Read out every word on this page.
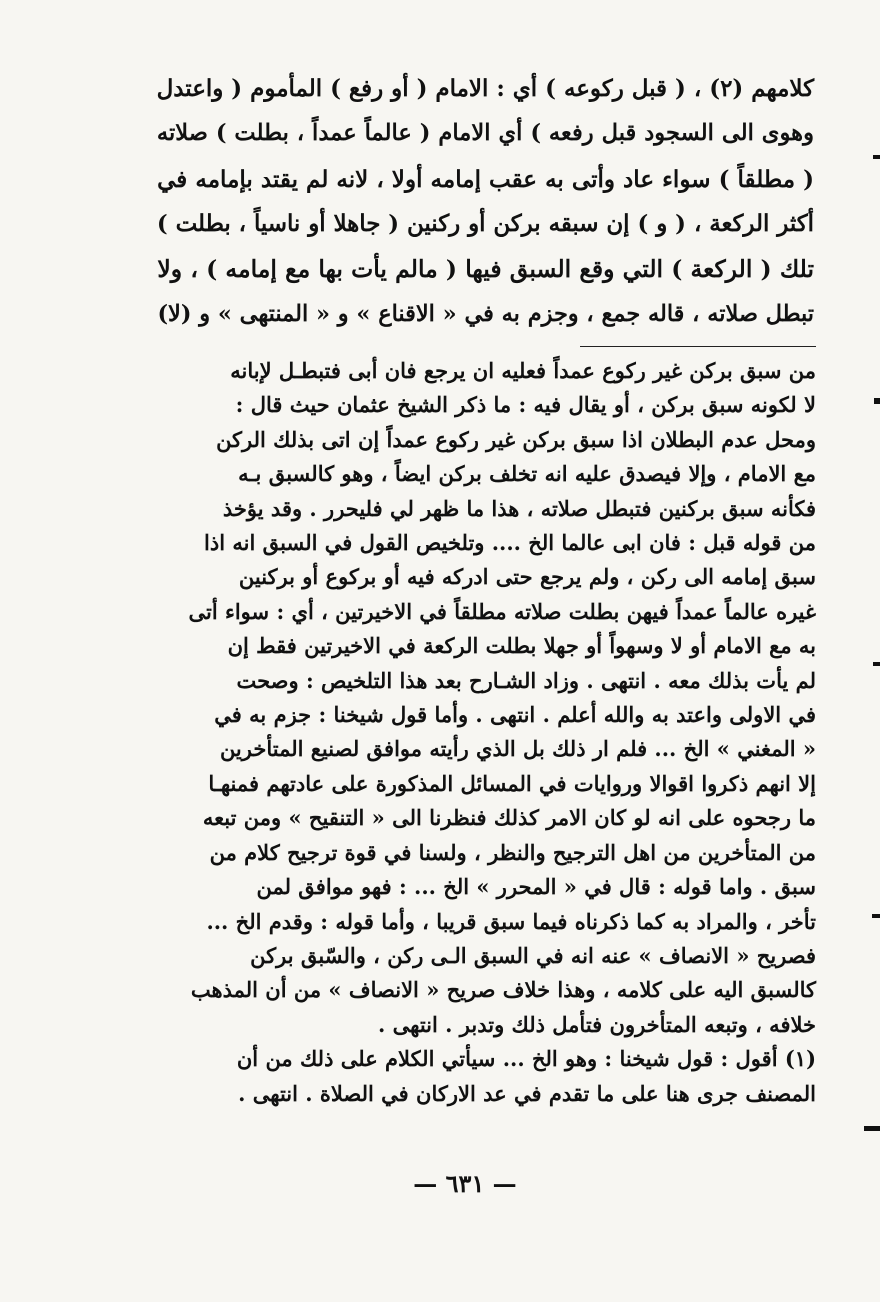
كلامهم (٢) ، ( قبل ركوعه ) أي : الامام ( أو رفع ) المأموم ( واعتدل
وهوى الى السجود قبل رفعه ) أي الامام ( عالماً عمداً ، بطلت ) صلاته
( مطلقاً ) سواء عاد وأتى به عقب إمامه أولا ، لانه لم يقتد بإمامه في
أكثر الركعة ، ( و ) إن سبقه بركن أو ركنين ( جاهلا أو ناسياً ، بطلت )
تلك ( الركعة ) التي وقع السبق فيها ( مالم يأت بها مع إمامه ) ، ولا
تبطل صلاته ، قاله جمع ، وجزم به في « الاقناع » و « المنتهى » و (لا)
من سبق بركن غير ركوع عمداً فعليه ان يرجع فان أبى فتبطـل لإبانه
لا لكونه سبق بركن ، أو يقال فيه : ما ذكر الشيخ عثمان حيث قال :
ومحل عدم البطلان اذا سبق بركن غير ركوع عمداً إن اتى بذلك الركن
مع الامام ، وإلا فيصدق عليه انه تخلف بركن ايضاً ، وهو كالسبق بـه
فكأنه سبق بركنين فتبطل صلاته ، هذا ما ظهر لي فليحرر . وقد يؤخذ
من قوله قبل : فان ابى عالما الخ .... وتلخيص القول في السبق انه اذا
سبق إمامه الى ركن ، ولم يرجع حتى ادركه فيه أو بركوع أو بركنين
غيره عالماً عمداً فيهن بطلت صلاته مطلقاً في الاخيرتين ، أي : سواء أتى
به مع الامام أو لا وسهواً أو جهلا بطلت الركعة في الاخيرتين فقط إن
لم يأت بذلك معه . انتهى . وزاد الشـارح بعد هذا التلخيص : وصحت
في الاولى واعتد به والله أعلم . انتهى . وأما قول شيخنا : جزم به في
« المغني » الخ ... فلم ار ذلك بل الذي رأيته موافق لصنيع المتأخرين
إلا انهم ذكروا اقوالا وروايات في المسائل المذكورة على عادتهم فمنهـا
ما رجحوه على انه لو كان الامر كذلك فنظرنا الى « التنقيح » ومن تبعه
من المتأخرين من اهل الترجيح والنظر ، ولسنا في قوة ترجيح كلام من
سبق . واما قوله : قال في « المحرر » الخ ... : فهو موافق لمن
تأخر ، والمراد به كما ذكرناه فيما سبق قريبا ، وأما قوله : وقدم الخ ...
فصريح « الانصاف » عنه انه في السبق الـى ركن ، والسّبق بركن
كالسبق اليه على كلامه ، وهذا خلاف صريح « الانصاف » من أن المذهب
خلافه ، وتبعه المتأخرون فتأمل ذلك وتدبر . انتهى .
(١) أقول : قول شيخنا : وهو الخ ... سيأتي الكلام على ذلك من أن
المصنف جرى هنا على ما تقدم في عد الاركان في الصلاة . انتهى .
— ٦٣١ —
